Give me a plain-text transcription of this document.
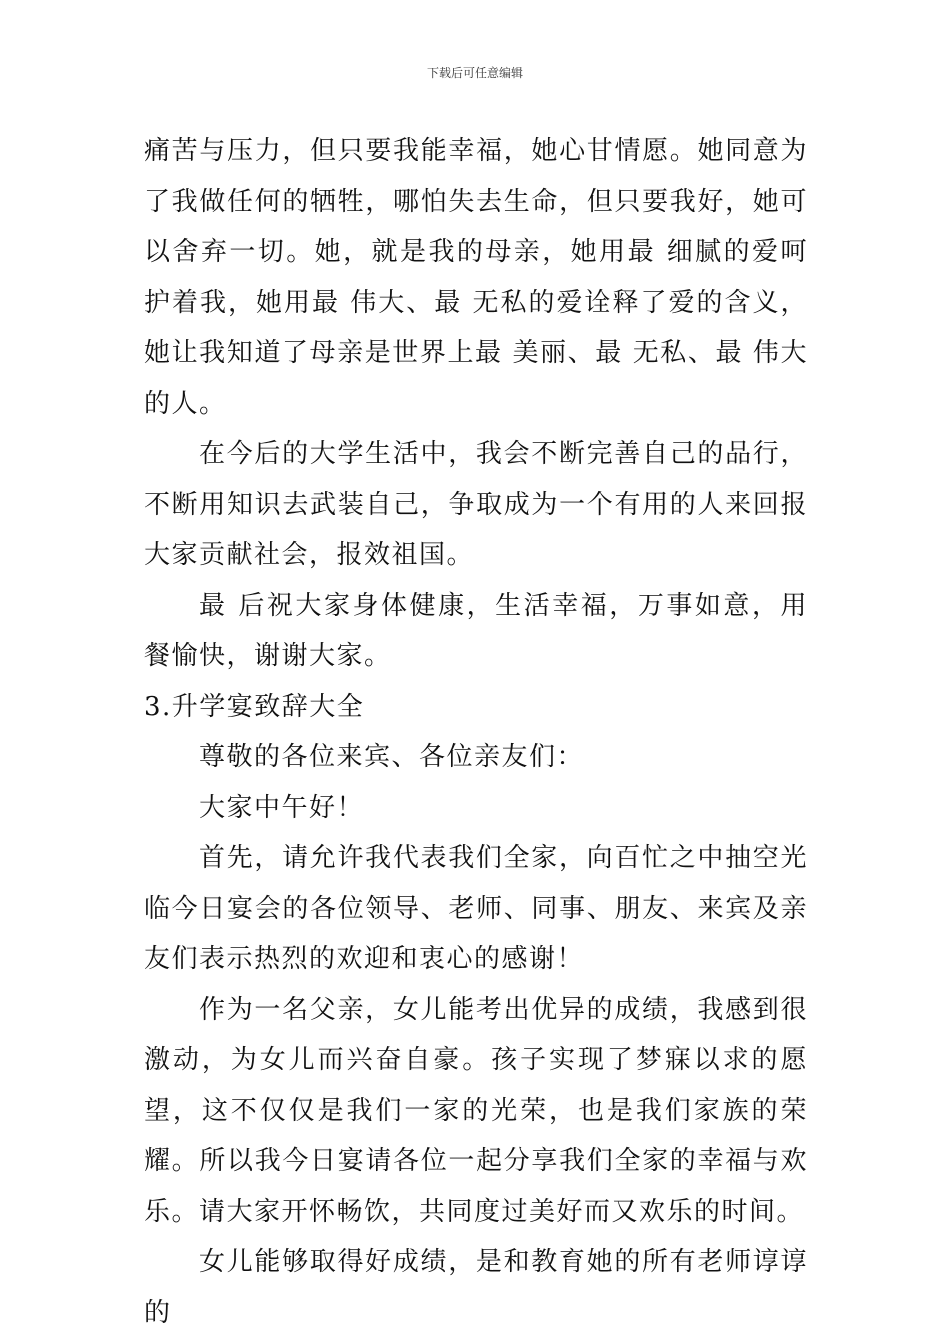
下载后可任意编辑

痛苦与压力，但只要我能幸福，她心甘情愿。她同意为了我做任何的牺牲，哪怕失去生命，但只要我好，她可以舍弃一切。她，就是我的母亲，她用最 细腻的爱呵护着我，她用最 伟大、最 无私的爱诠释了爱的含义，她让我知道了母亲是世界上最 美丽、最 无私、最 伟大的人。

在今后的大学生活中，我会不断完善自己的品行，不断用知识去武装自己，争取成为一个有用的人来回报大家贡献社会，报效祖国。

最 后祝大家身体健康，生活幸福，万事如意，用餐愉快，谢谢大家。

3.升学宴致辞大全

尊敬的各位来宾、各位亲友们：

大家中午好！

首先，请允许我代表我们全家，向百忙之中抽空光临今日宴会的各位领导、老师、同事、朋友、来宾及亲友们表示热烈的欢迎和衷心的感谢！

作为一名父亲，女儿能考出优异的成绩，我感到很激动，为女儿而兴奋自豪。孩子实现了梦寐以求的愿望，这不仅仅是我们一家的光荣，也是我们家族的荣耀。所以我今日宴请各位一起分享我们全家的幸福与欢乐。请大家开怀畅饮，共同度过美好而又欢乐的时间。

女儿能够取得好成绩，是和教育她的所有老师谆谆的
